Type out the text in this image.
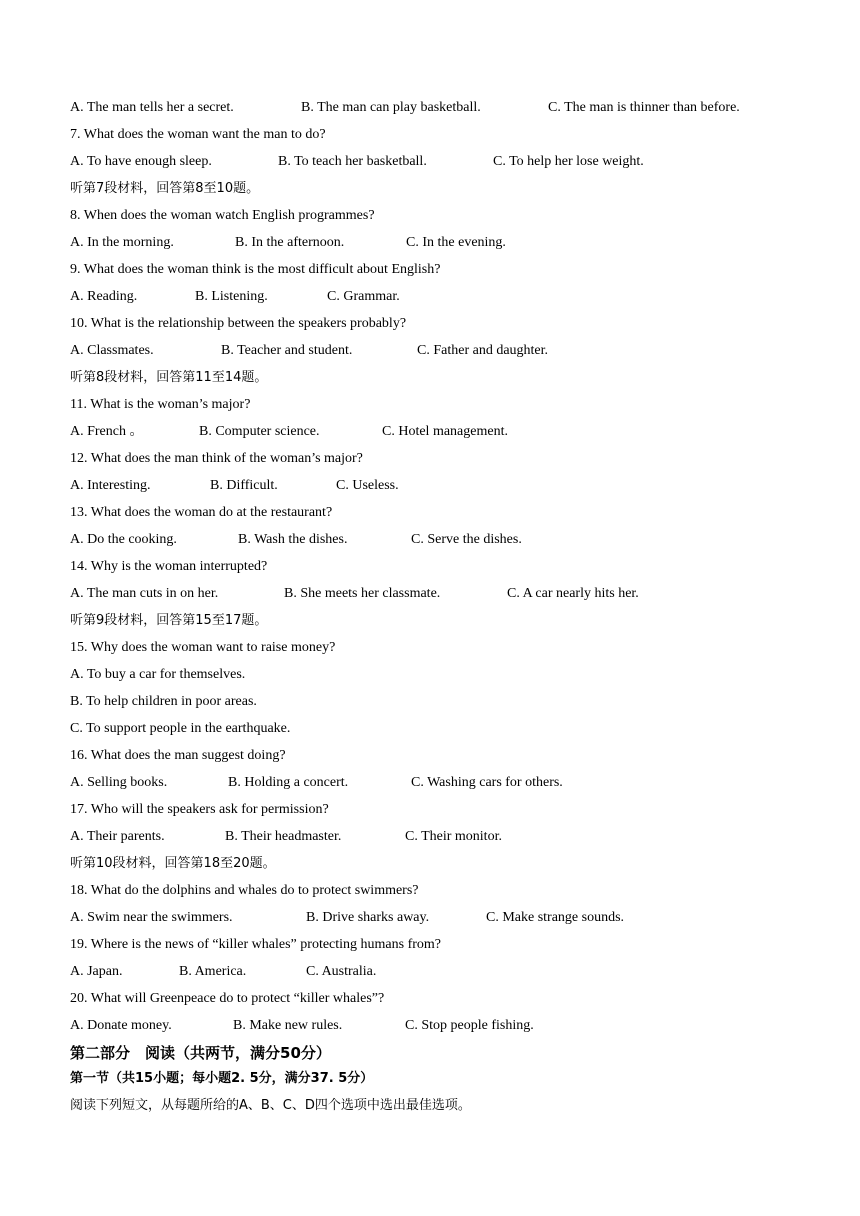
A. The man tells her a secret.	B. The man can play basketball.	C. The man is thinner than before.
7. What does the woman want the man to do?
A. To have enough sleep.	B. To teach her basketball.	C. To help her lose weight.
听第7段材料，回答第8至10题。
8. When does the woman watch English programmes?
A. In the morning.	B. In the afternoon.	C. In the evening.
9. What does the woman think is the most difficult about English?
A. Reading.	B. Listening.	C. Grammar.
10. What is the relationship between the speakers probably?
A. Classmates.	B. Teacher and student.	C. Father and daughter.
听第8段材料，回答第11至14题。
11. What is the woman’s major?
A. French 。	B. Computer science.	C. Hotel management.
12. What does the man think of the woman’s major?
A. Interesting.	B. Difficult.	C. Useless.
13. What does the woman do at the restaurant?
A. Do the cooking.	B. Wash the dishes.	C. Serve the dishes.
14. Why is the woman interrupted?
A. The man cuts in on her.	B. She meets her classmate.	C. A car nearly hits her.
听第9段材料，回答第15至17题。
15. Why does the woman want to raise money?
A. To buy a car for themselves.
B. To help children in poor areas.
C. To support people in the earthquake.
16. What does the man suggest doing?
A. Selling books.	B. Holding a concert.	C. Washing cars for others.
17. Who will the speakers ask for permission?
A. Their parents.	B. Their headmaster.	C. Their monitor.
听第10段材料，回答第18至20题。
18. What do the dolphins and whales do to protect swimmers?
A. Swim near the swimmers.	B. Drive sharks away.	C. Make strange sounds.
19. Where is the news of “killer whales” protecting humans from?
A. Japan.	B. America.	C. Australia.
20. What will Greenpeace do to protect “killer whales”?
A. Donate money.	B. Make new rules.	C. Stop people fishing.
第二部分　阅读（共两节，满分50分）
第一节（共15小题；每小题2. 5分，满分37. 5分）
阅读下列短文，从每题所给的A、B、C、D四个选项中选出最佳选项。
